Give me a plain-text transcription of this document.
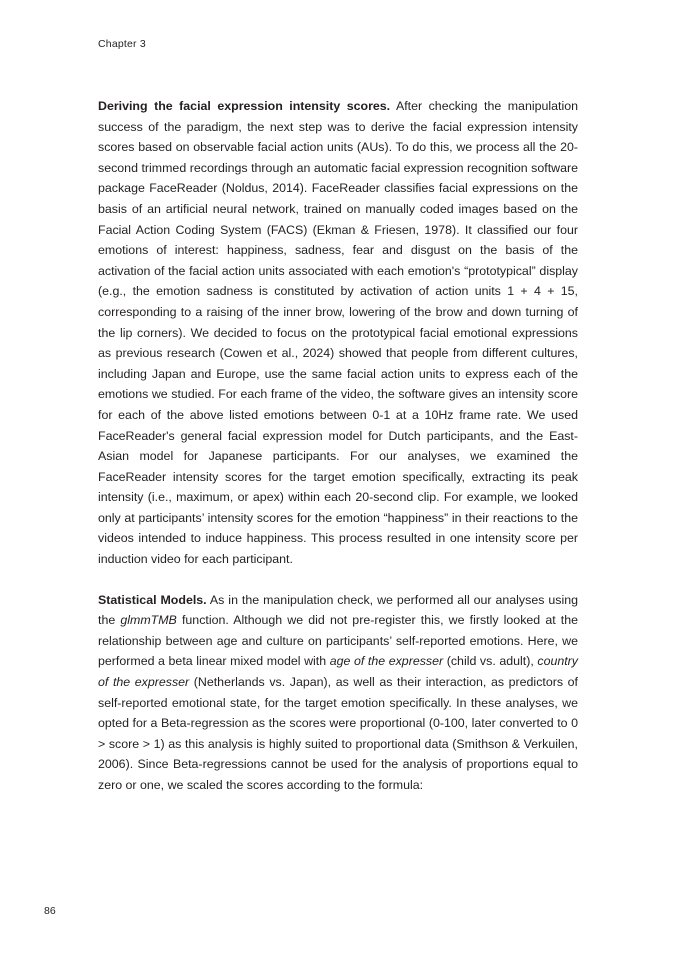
Chapter 3

Deriving the facial expression intensity scores. After checking the manipulation success of the paradigm, the next step was to derive the facial expression intensity scores based on observable facial action units (AUs). To do this, we process all the 20-second trimmed recordings through an automatic facial expression recognition software package FaceReader (Noldus, 2014). FaceReader classifies facial expressions on the basis of an artificial neural network, trained on manually coded images based on the Facial Action Coding System (FACS) (Ekman & Friesen, 1978). It classified our four emotions of interest: happiness, sadness, fear and disgust on the basis of the activation of the facial action units associated with each emotion's “prototypical” display (e.g., the emotion sadness is constituted by activation of action units 1 + 4 + 15, corresponding to a raising of the inner brow, lowering of the brow and down turning of the lip corners). We decided to focus on the prototypical facial emotional expressions as previous research (Cowen et al., 2024) showed that people from different cultures, including Japan and Europe, use the same facial action units to express each of the emotions we studied. For each frame of the video, the software gives an intensity score for each of the above listed emotions between 0-1 at a 10Hz frame rate. We used FaceReader's general facial expression model for Dutch participants, and the East-Asian model for Japanese participants. For our analyses, we examined the FaceReader intensity scores for the target emotion specifically, extracting its peak intensity (i.e., maximum, or apex) within each 20-second clip. For example, we looked only at participants’ intensity scores for the emotion “happiness” in their reactions to the videos intended to induce happiness. This process resulted in one intensity score per induction video for each participant.

Statistical Models. As in the manipulation check, we performed all our analyses using the glmmTMB function. Although we did not pre-register this, we firstly looked at the relationship between age and culture on participants’ self-reported emotions. Here, we performed a beta linear mixed model with age of the expresser (child vs. adult), country of the expresser (Netherlands vs. Japan), as well as their interaction, as predictors of self-reported emotional state, for the target emotion specifically. In these analyses, we opted for a Beta-regression as the scores were proportional (0-100, later converted to 0 > score > 1) as this analysis is highly suited to proportional data (Smithson & Verkuilen, 2006). Since Beta-regressions cannot be used for the analysis of proportions equal to zero or one, we scaled the scores according to the formula:

86
